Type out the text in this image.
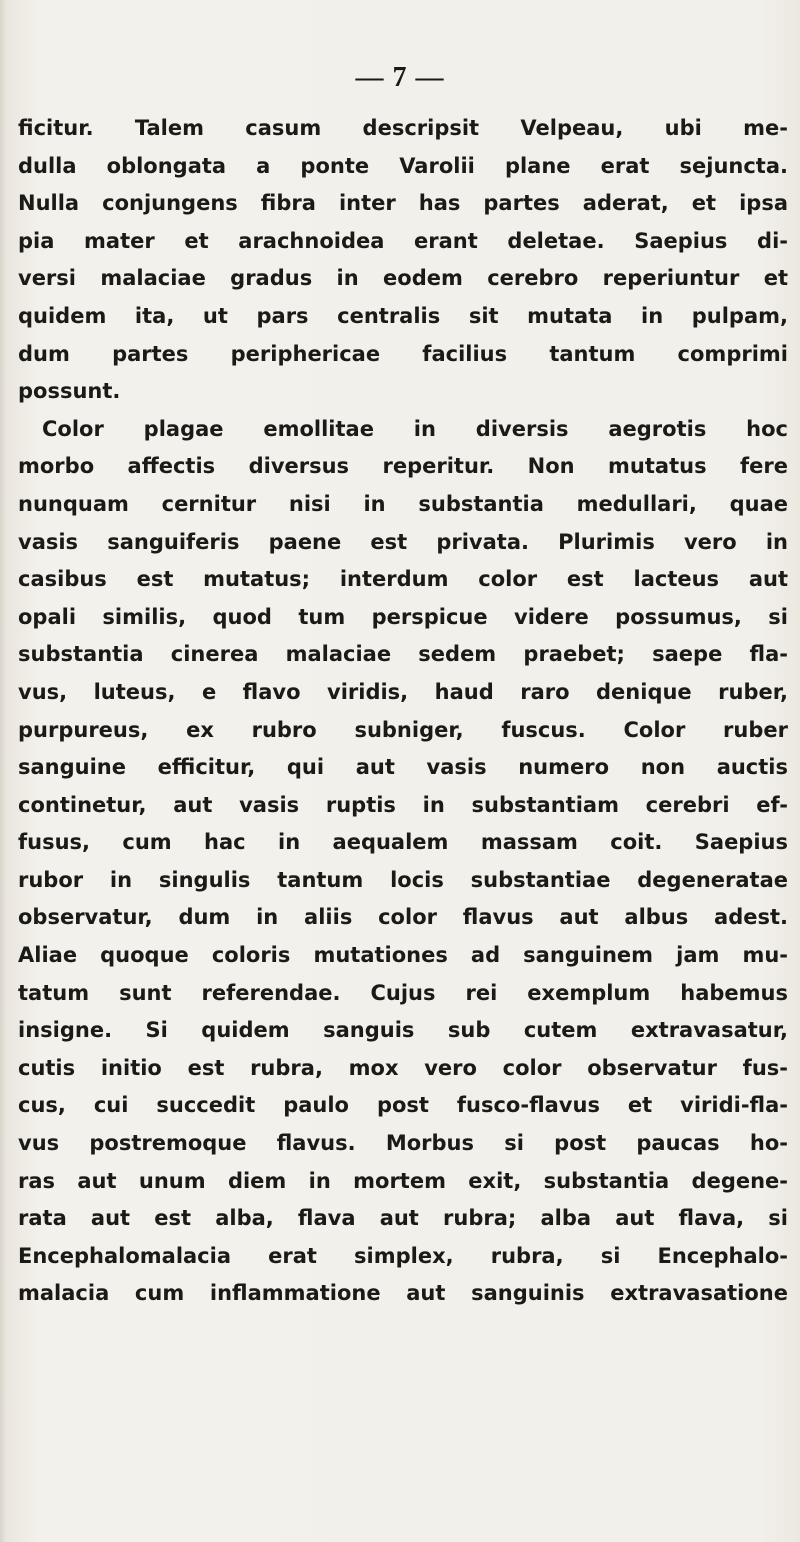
— 7 —
ficitur. Talem casum descripsit Velpeau, ubi me-
dulla oblongata a ponte Varolii plane erat sejuncta.
Nulla conjungens fibra inter has partes aderat, et ipsa
pia mater et arachnoidea erant deletae. Saepius di-
versi malaciae gradus in eodem cerebro reperiuntur et
quidem ita, ut pars centralis sit mutata in pulpam,
dum partes periphericae facilius tantum comprimi
possunt.
Color plagae emollitae in diversis aegrotis hoc
morbo affectis diversus reperitur. Non mutatus fere
nunquam cernitur nisi in substantia medullari, quae
vasis sanguiferis paene est privata. Plurimis vero in
casibus est mutatus; interdum color est lacteus aut
opali similis, quod tum perspicue videre possumus, si
substantia cinerea malaciae sedem praebet; saepe fla-
vus, luteus, e flavo viridis, haud raro denique ruber,
purpureus, ex rubro subniger, fuscus. Color ruber
sanguine efficitur, qui aut vasis numero non auctis
continetur, aut vasis ruptis in substantiam cerebri ef-
fusus, cum hac in aequalem massam coit. Saepius
rubor in singulis tantum locis substantiae degeneratae
observatur, dum in aliis color flavus aut albus adest.
Aliae quoque coloris mutationes ad sanguinem jam mu-
tatum sunt referendae. Cujus rei exemplum habemus
insigne. Si quidem sanguis sub cutem extravasatur,
cutis initio est rubra, mox vero color observatur fus-
cus, cui succedit paulo post fusco-flavus et viridi-fla-
vus postremoque flavus. Morbus si post paucas ho-
ras aut unum diem in mortem exit, substantia degene-
rata aut est alba, flava aut rubra; alba aut flava, si
Encephalomalacia erat simplex, rubra, si Encephalo-
malacia cum inflammatione aut sanguinis extravasatione
